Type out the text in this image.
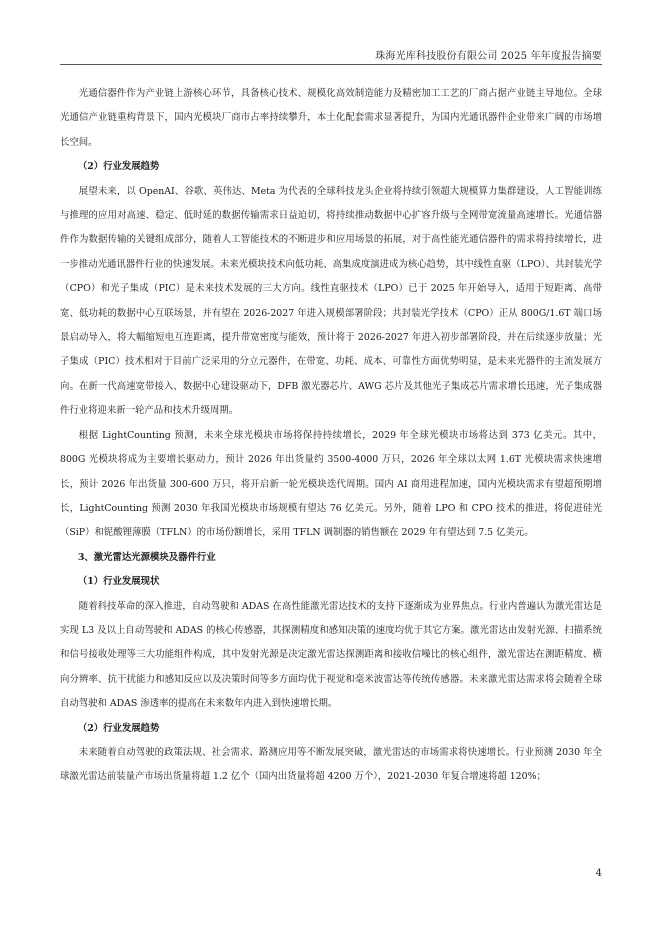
珠海光库科技股份有限公司 2025 年年度报告摘要

光通信器件作为产业链上游核心环节，具备核心技术、规模化高效制造能力及精密加工工艺的厂商占据产业链主导地位。全球光通信产业链重构背景下，国内光模块厂商市占率持续攀升，本土化配套需求显著提升，为国内光通讯器件企业带来广阔的市场增长空间。

（2）行业发展趋势

展望未来，以 OpenAI、谷歌、英伟达、Meta 为代表的全球科技龙头企业将持续引领超大规模算力集群建设，人工智能训练与推理的应用对高速、稳定、低时延的数据传输需求日益迫切，将持续推动数据中心扩容升级与全网带宽流量高速增长。光通信器件作为数据传输的关键组成部分，随着人工智能技术的不断进步和应用场景的拓展，对于高性能光通信器件的需求将持续增长，进一步推动光通讯器件行业的快速发展。未来光模块技术向低功耗、高集成度演进成为核心趋势，其中线性直驱（LPO）、共封装光学（CPO）和光子集成（PIC）是未来技术发展的三大方向。线性直驱技术（LPO）已于 2025 年开始导入，适用于短距离、高带宽、低功耗的数据中心互联场景，并有望在 2026-2027 年进入规模部署阶段；共封装光学技术（CPO）正从 800G/1.6T 端口场景启动导入，将大幅缩短电互连距离，提升带宽密度与能效，预计将于 2026-2027 年进入初步部署阶段，并在后续逐步放量；光子集成（PIC）技术相对于目前广泛采用的分立元器件，在带宽、功耗、成本、可靠性方面优势明显，是未来光器件的主流发展方向。在新一代高速宽带接入、数据中心建设驱动下，DFB 激光器芯片、AWG 芯片及其他光子集成芯片需求增长迅速，光子集成器件行业将迎来新一轮产品和技术升级周期。

根据 LightCounting 预测，未来全球光模块市场将保持持续增长，2029 年全球光模块市场将达到 373 亿美元。其中，800G 光模块将成为主要增长驱动力，预计 2026 年出货量约 3500-4000 万只，2026 年全球以太网 1.6T 光模块需求快速增长，预计 2026 年出货量 300-600 万只，将开启新一轮光模块迭代周期。国内 AI 商用进程加速，国内光模块需求有望超预期增长，LightCounting 预测 2030 年我国光模块市场规模有望达 76 亿美元。另外，随着 LPO 和 CPO 技术的推进，将促进硅光（SiP）和铌酸锂薄膜（TFLN）的市场份额增长，采用 TFLN 调制器的销售额在 2029 年有望达到 7.5 亿美元。

3、激光雷达光源模块及器件行业
（1）行业发展现状

随着科技革命的深入推进，自动驾驶和 ADAS 在高性能激光雷达技术的支持下逐渐成为业界焦点。行业内普遍认为激光雷达是实现 L3 及以上自动驾驶和 ADAS 的核心传感器，其探测精度和感知决策的速度均优于其它方案。激光雷达由发射光源、扫描系统和信号接收处理等三大功能组件构成，其中发射光源是决定激光雷达探测距离和接收信噪比的核心组件，激光雷达在测距精度、横向分辨率、抗干扰能力和感知反应以及决策时间等多方面均优于视觉和毫米波雷达等传统传感器。未来激光雷达需求将会随着全球自动驾驶和 ADAS 渗透率的提高在未来数年内进入到快速增长期。

（2）行业发展趋势

未来随着自动驾驶的政策法规、社会需求、路测应用等不断发展突破，激光雷达的市场需求将快速增长。行业预测 2030 年全球激光雷达前装量产市场出货量将超 1.2 亿个（国内出货量将超 4200 万个），2021-2030 年复合增速将超 120%；

4
